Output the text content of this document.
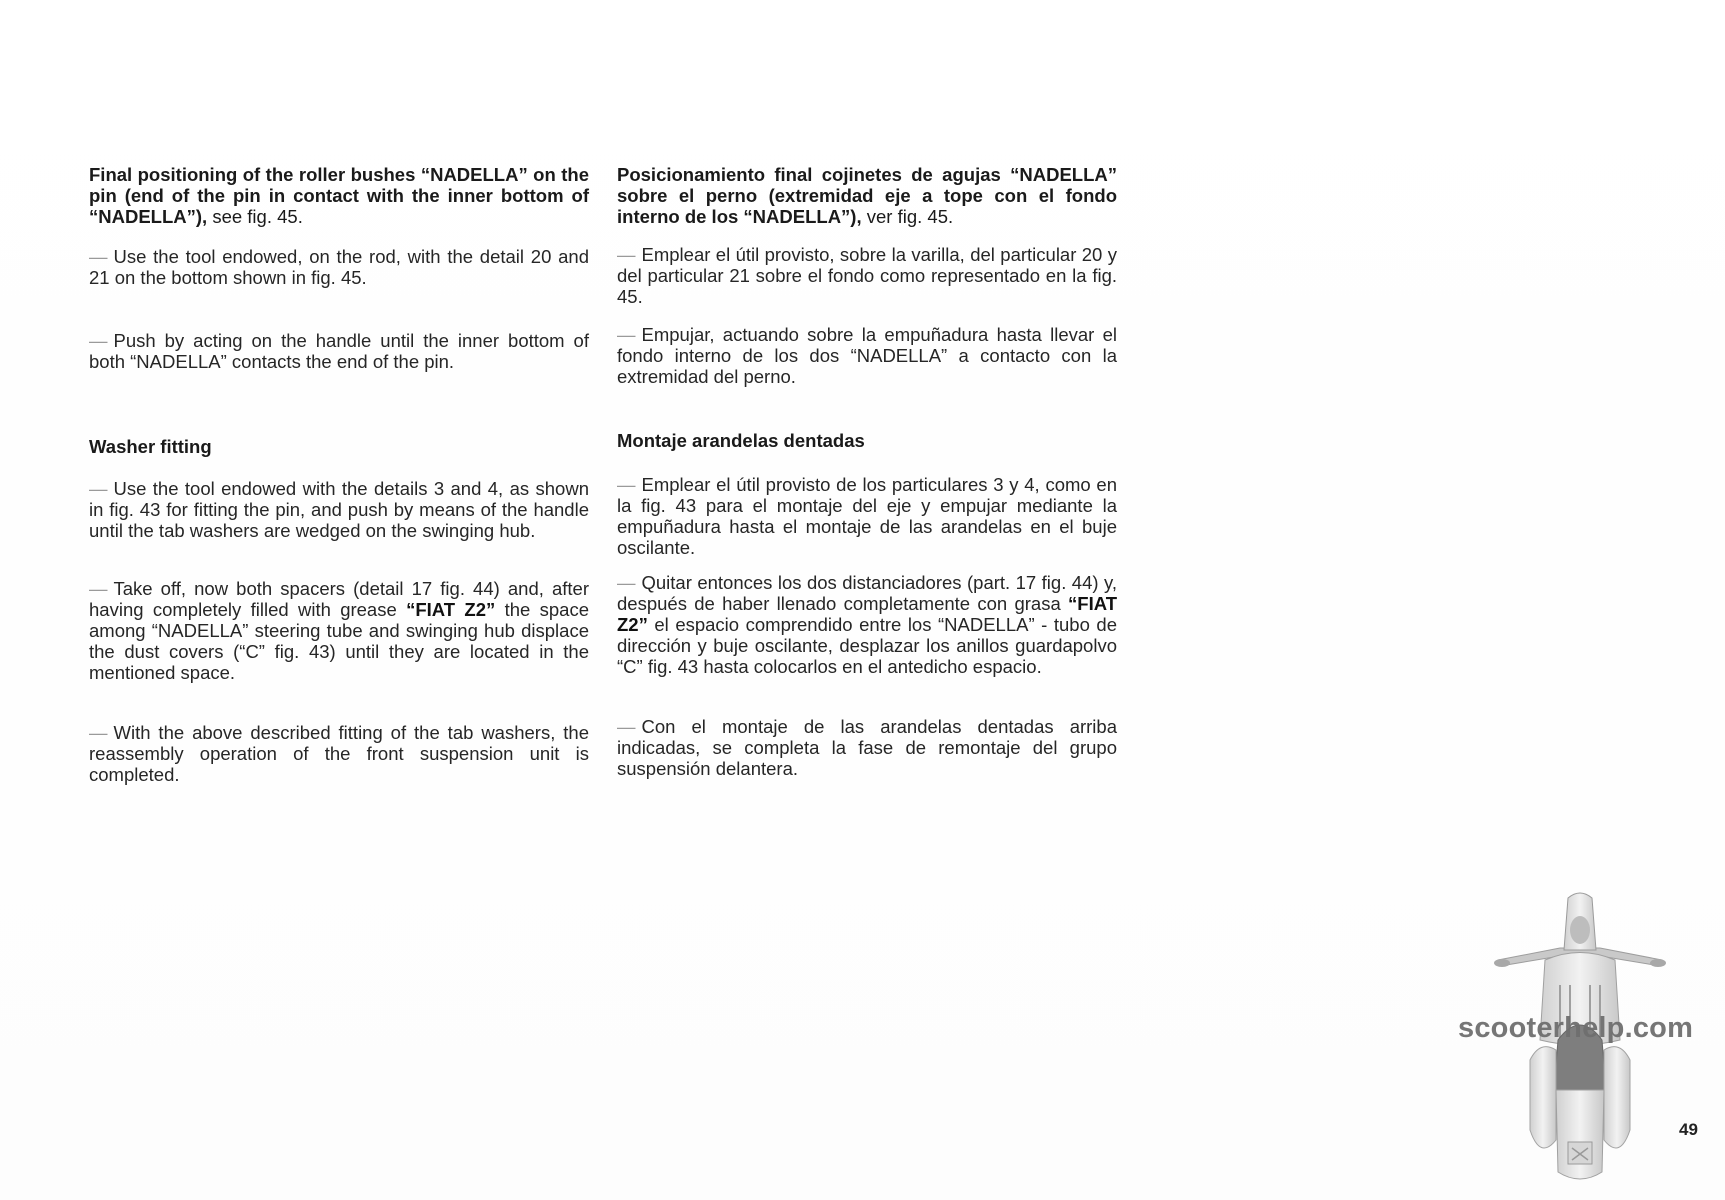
Final positioning of the roller bushes “NADELLA” on the pin (end of the pin in contact with the inner bottom of “NADELLA”), see fig. 45.

— Use the tool endowed, on the rod, with the detail 20 and 21 on the bottom shown in fig. 45.

— Push by acting on the handle until the inner bottom of both “NADELLA” contacts the end of the pin.

Washer fitting

— Use the tool endowed with the details 3 and 4, as shown in fig. 43 for fitting the pin, and push by means of the handle until the tab washers are wedged on the swinging hub.

— Take off, now both spacers (detail 17 fig. 44) and, after having completely filled with grease “FIAT Z2” the space among “NADELLA” steering tube and swinging hub displace the dust covers (“C” fig. 43) until they are located in the mentioned space.

— With the above described fitting of the tab washers, the reassembly operation of the front suspension unit is completed.

Posicionamiento final cojinetes de agujas “NADELLA” sobre el perno (extremidad eje a tope con el fondo interno de los “NADELLA”), ver fig. 45.

— Emplear el útil provisto, sobre la varilla, del particular 20 y del particular 21 sobre el fondo como representado en la fig. 45.

— Empujar, actuando sobre la empuñadura hasta llevar el fondo interno de los dos “NADELLA” a contacto con la extremidad del perno.

Montaje arandelas dentadas

— Emplear el útil provisto de los particulares 3 y 4, como en la fig. 43 para el montaje del eje y empujar mediante la empuñadura hasta el montaje de las arandelas en el buje oscilante.

— Quitar entonces los dos distanciadores (part. 17 fig. 44) y, después de haber llenado completamente con grasa “FIAT Z2” el espacio comprendido entre los “NADELLA” - tubo de dirección y buje oscilante, desplazar los anillos guardapolvo “C” fig. 43 hasta colocarlos en el antedicho espacio.

— Con el montaje de las arandelas dentadas arriba indicadas, se completa la fase de remontaje del grupo suspensión delantera.

scooterhelp.com
49
